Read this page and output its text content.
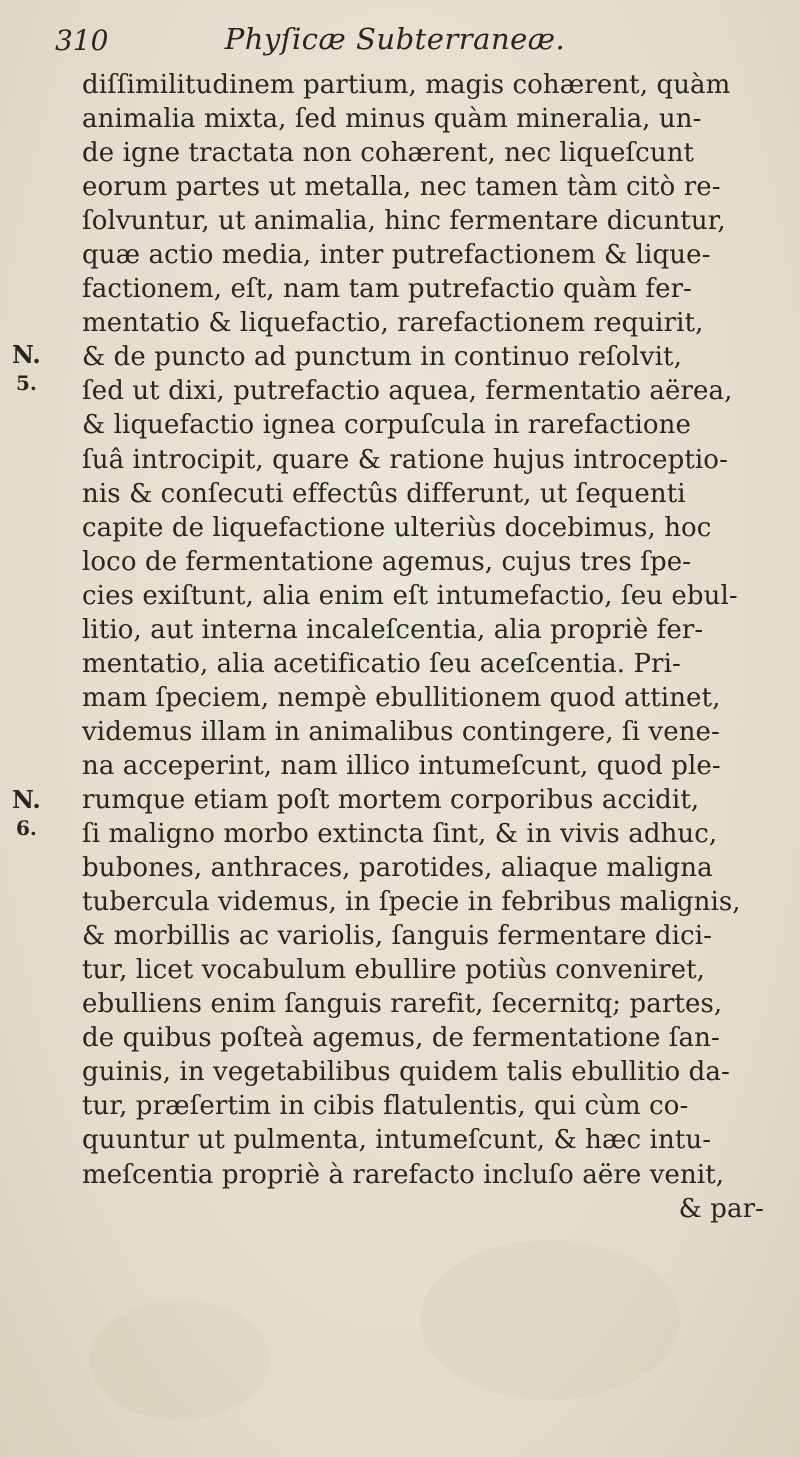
310	Phyſicæ Subterraneæ.
N.
5.
N.
6.
diſſimilitudinem partium, magis cohærent, quàm
animalia mixta, ſed minus quàm mineralia, un-
de igne tractata non cohærent, nec liqueſcunt
eorum partes ut metalla, nec tamen tàm citò re-
ſolvuntur, ut animalia, hinc fermentare dicuntur,
quæ actio media, inter putrefactionem & lique-
factionem, eſt, nam tam putrefactio quàm fer-
mentatio & liquefactio, rarefactionem requirit,
& de puncto ad punctum in continuo reſolvit,
ſed ut dixi, putrefactio aquea, fermentatio aërea,
& liquefactio ignea corpuſcula in rarefactione
ſuâ introcipit, quare & ratione hujus introceptio-
nis & conſecuti effectûs differunt, ut ſequenti
capite de liquefactione ulteriùs docebimus, hoc
loco de fermentatione agemus, cujus tres ſpe-
cies exiſtunt, alia enim eſt intumefactio, ſeu ebul-
litio, aut interna incaleſcentia, alia propriè fer-
mentatio, alia acetificatio ſeu aceſcentia. Pri-
mam ſpeciem, nempè ebullitionem quod attinet,
videmus illam in animalibus contingere, ſi vene-
na acceperint, nam illico intumeſcunt, quod ple-
rumque etiam poſt mortem corporibus accidit,
ſi maligno morbo extincta ſint, & in vivis adhuc,
bubones, anthraces, parotides, aliaque maligna
tubercula videmus, in ſpecie in febribus malignis,
& morbillis ac variolis, ſanguis fermentare dici-
tur, licet vocabulum ebullire potiùs conveniret,
ebulliens enim ſanguis rarefit, ſecernitq; partes,
de quibus poſteà agemus, de fermentatione ſan-
guinis, in vegetabilibus quidem talis ebullitio da-
tur, præſertim in cibis flatulentis, qui cùm co-
quuntur ut pulmenta, intumeſcunt, & hæc intu-
meſcentia propriè à rarefacto incluſo aëre venit,
& par-
